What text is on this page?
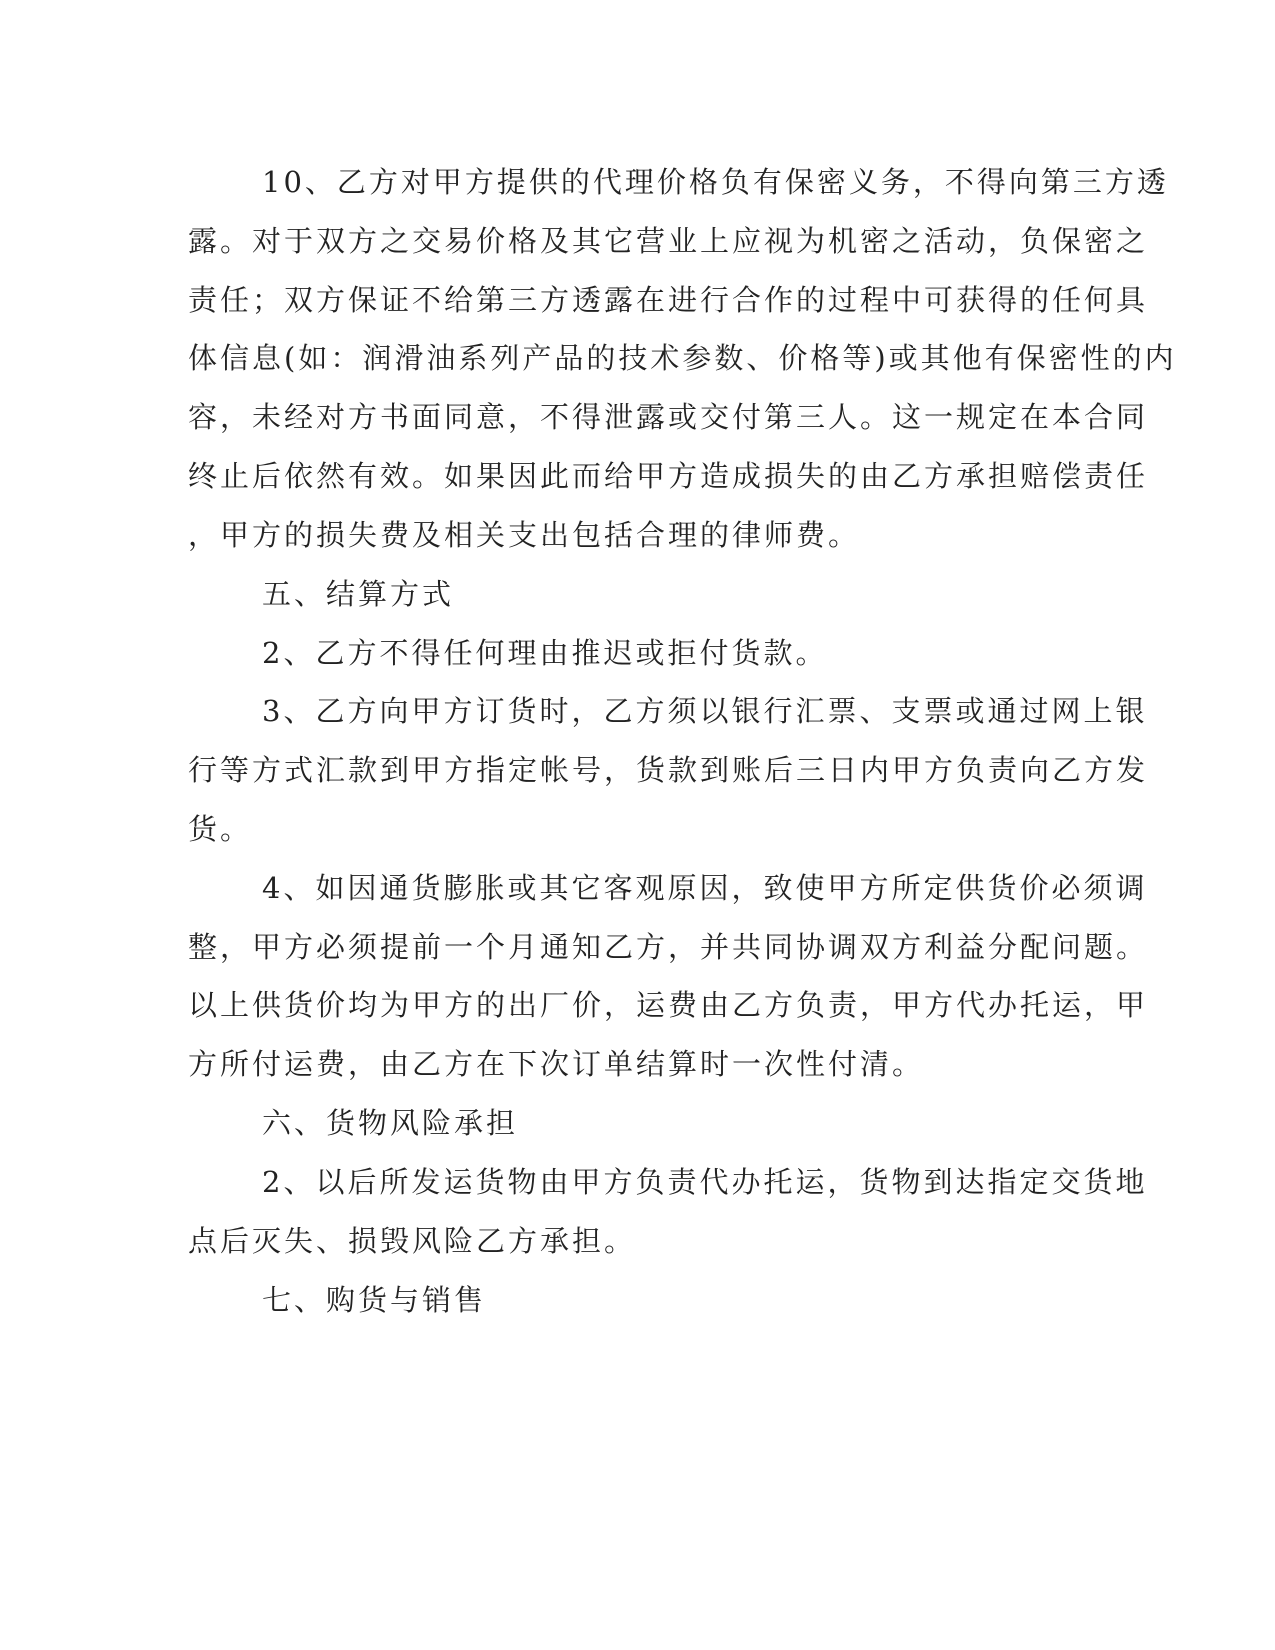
10、乙方对甲方提供的代理价格负有保密义务，不得向第三方透
露。对于双方之交易价格及其它营业上应视为机密之活动，负保密之
责任；双方保证不给第三方透露在进行合作的过程中可获得的任何具
体信息(如：润滑油系列产品的技术参数、价格等)或其他有保密性的内
容，未经对方书面同意，不得泄露或交付第三人。这一规定在本合同
终止后依然有效。如果因此而给甲方造成损失的由乙方承担赔偿责任
，甲方的损失费及相关支出包括合理的律师费。
五、结算方式
2、乙方不得任何理由推迟或拒付货款。
3、乙方向甲方订货时，乙方须以银行汇票、支票或通过网上银
行等方式汇款到甲方指定帐号，货款到账后三日内甲方负责向乙方发
货。
4、如因通货膨胀或其它客观原因，致使甲方所定供货价必须调
整，甲方必须提前一个月通知乙方，并共同协调双方利益分配问题。
以上供货价均为甲方的出厂价，运费由乙方负责，甲方代办托运，甲
方所付运费，由乙方在下次订单结算时一次性付清。
六、货物风险承担
2、以后所发运货物由甲方负责代办托运，货物到达指定交货地
点后灭失、损毁风险乙方承担。
七、购货与销售
